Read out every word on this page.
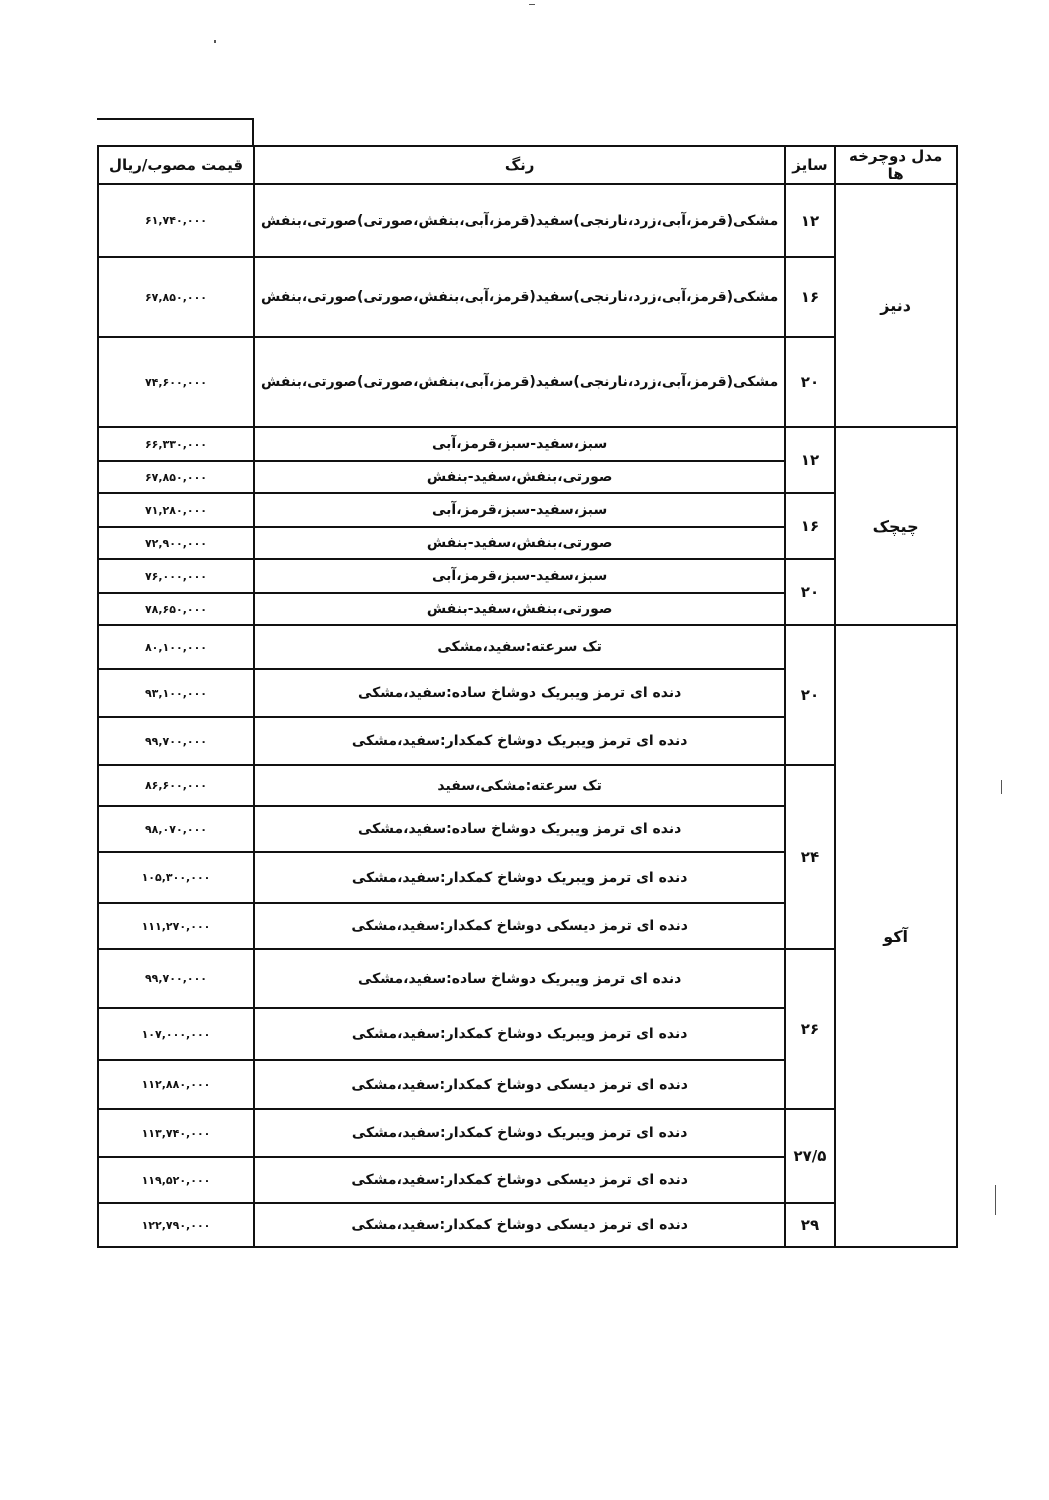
مدل دوچرخه ها	سایز	رنگ	قیمت مصوب/ریال
دنیز	۱۲	مشکی(قرمز،آبی،زرد،نارنجی)سفید(قرمز،آبی،بنفش،صورتی)صورتی،بنفش	۶۱,۷۴۰,۰۰۰
	۱۶	مشکی(قرمز،آبی،زرد،نارنجی)سفید(قرمز،آبی،بنفش،صورتی)صورتی،بنفش	۶۷,۸۵۰,۰۰۰
	۲۰	مشکی(قرمز،آبی،زرد،نارنجی)سفید(قرمز،آبی،بنفش،صورتی)صورتی،بنفش	۷۴,۶۰۰,۰۰۰
چیچک	۱۲	سبز،سفید-سبز،قرمز،آبی	۶۶,۳۳۰,۰۰۰
		صورتی،بنفش،سفید-بنفش	۶۷,۸۵۰,۰۰۰
	۱۶	سبز،سفید-سبز،قرمز،آبی	۷۱,۲۸۰,۰۰۰
		صورتی،بنفش،سفید-بنفش	۷۲,۹۰۰,۰۰۰
	۲۰	سبز،سفید-سبز،قرمز،آبی	۷۶,۰۰۰,۰۰۰
		صورتی،بنفش،سفید-بنفش	۷۸,۶۵۰,۰۰۰
آکو	۲۰	تک سرعته:سفید،مشکی	۸۰,۱۰۰,۰۰۰
		دنده ای ترمز ویبریک دوشاخ ساده:سفید،مشکی	۹۳,۱۰۰,۰۰۰
		دنده ای ترمز ویبریک دوشاخ کمکدار:سفید،مشکی	۹۹,۷۰۰,۰۰۰
	۲۴	تک سرعته:مشکی،سفید	۸۶,۶۰۰,۰۰۰
		دنده ای ترمز ویبریک دوشاخ ساده:سفید،مشکی	۹۸,۰۷۰,۰۰۰
		دنده ای ترمز ویبریک دوشاخ کمکدار:سفید،مشکی	۱۰۵,۳۰۰,۰۰۰
		دنده ای ترمز دیسکی دوشاخ کمکدار:سفید،مشکی	۱۱۱,۲۷۰,۰۰۰
	۲۶	دنده ای ترمز ویبریک دوشاخ ساده:سفید،مشکی	۹۹,۷۰۰,۰۰۰
		دنده ای ترمز ویبریک دوشاخ کمکدار:سفید،مشکی	۱۰۷,۰۰۰,۰۰۰
		دنده ای ترمز دیسکی دوشاخ کمکدار:سفید،مشکی	۱۱۲,۸۸۰,۰۰۰
	۲۷/۵	دنده ای ترمز ویبریک دوشاخ کمکدار:سفید،مشکی	۱۱۳,۷۴۰,۰۰۰
		دنده ای ترمز دیسکی دوشاخ کمکدار:سفید،مشکی	۱۱۹,۵۲۰,۰۰۰
	۲۹	دنده ای ترمز دیسکی دوشاخ کمکدار:سفید،مشکی	۱۲۲,۷۹۰,۰۰۰
